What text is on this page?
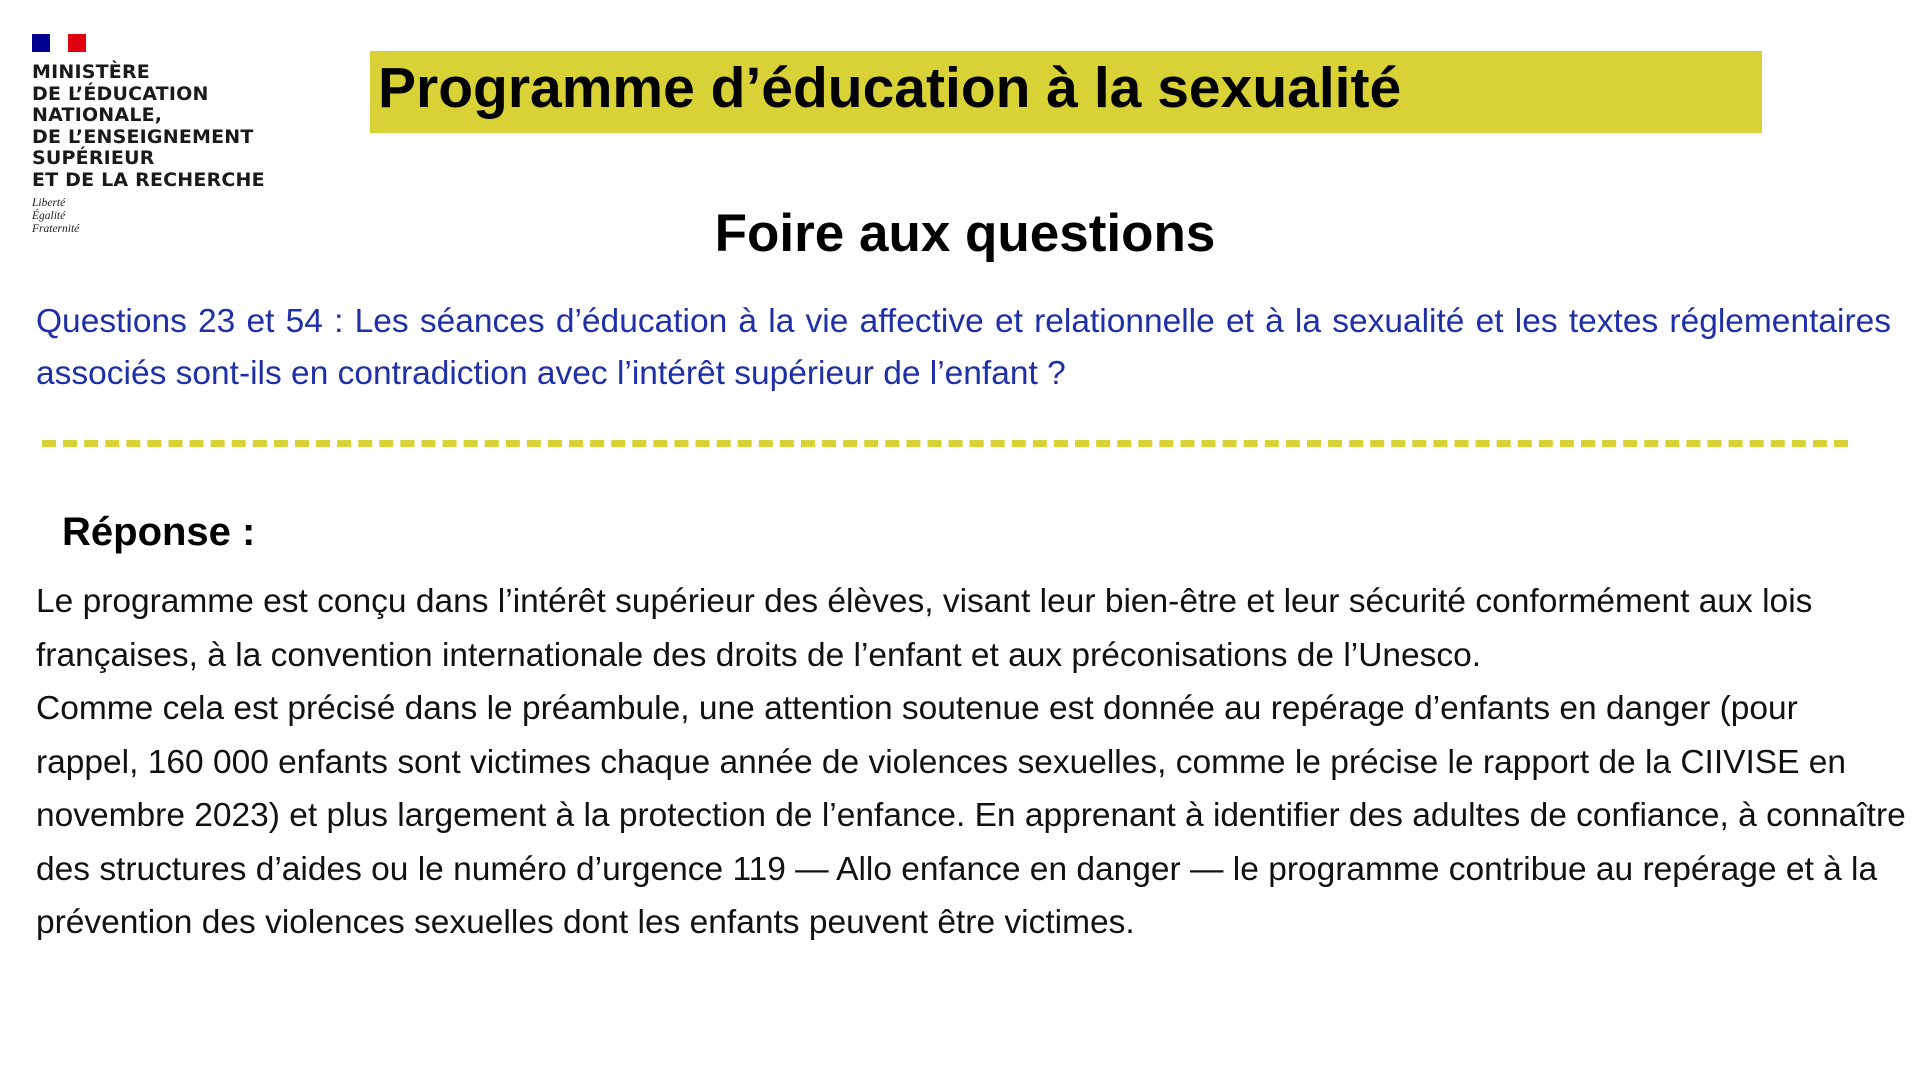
MINISTÈRE
DE L’ÉDUCATION
NATIONALE,
DE L’ENSEIGNEMENT
SUPÉRIEUR
ET DE LA RECHERCHE
Liberté
Égalité
Fraternité
Programme d’éducation à la sexualité
Foire aux questions
Questions 23 et 54 : Les séances d’éducation à la vie affective et relationnelle et à la sexualité et les textes réglementaires associés sont-ils en contradiction avec l’intérêt supérieur de l’enfant ?
Réponse :

Le programme est conçu dans l’intérêt supérieur des élèves, visant leur bien-être et leur sécurité conformément aux lois françaises, à la convention internationale des droits de l’enfant et aux préconisations de l’Unesco.

Comme cela est précisé dans le préambule, une attention soutenue est donnée au repérage d’enfants en danger (pour rappel, 160 000 enfants sont victimes chaque année de violences sexuelles, comme le précise le rapport de la CIIVISE en novembre 2023) et plus largement à la protection de l’enfance. En apprenant à identifier des adultes de confiance, à connaître des structures d’aides ou le numéro d’urgence 119 — Allo enfance en danger — le programme contribue au repérage et à la prévention des violences sexuelles dont les enfants peuvent être victimes.
